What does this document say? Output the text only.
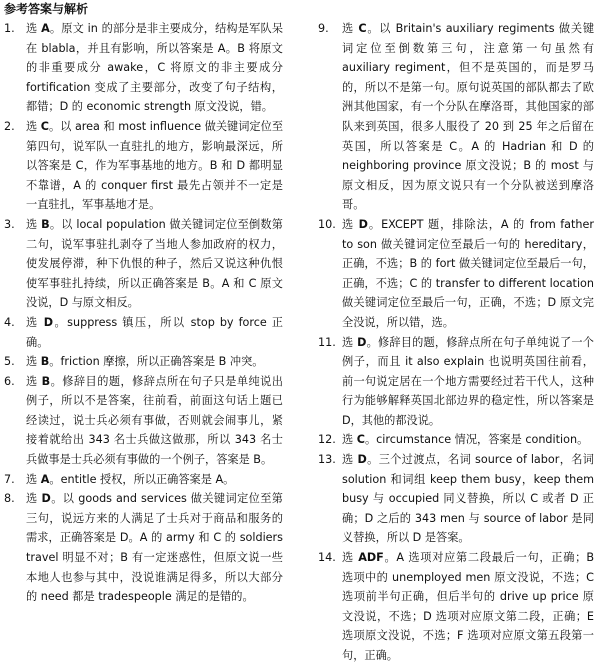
参考答案与解析
1. 选 A。原文 in 的部分是非主要成分，结构是军队呆在 blabla，并且有影响，所以答案是 A。B 将原文的非重要成分 awake，C 将原文的非主要成分 fortification 变成了主要部分，改变了句子结构，都错；D 的 economic strength 原文没说，错。
2. 选 C。以 area 和 most influence 做关键词定位至第四句，说军队一直驻扎的地方，影响最深远，所以答案是 C，作为军事基地的地方。B 和 D 都明显不靠谱，A 的 conquer first 最先占领并不一定是一直驻扎，军事基地才是。
3. 选 B。以 local population 做关键词定位至倒数第二句，说军事驻扎剥夺了当地人参加政府的权力，使发展停滞，种下仇恨的种子，然后又说这种仇恨使军事驻扎持续，所以正确答案是 B。A 和 C 原文没说，D 与原文相反。
4. 选 D。suppress 镇压，所以 stop by force 正确。
5. 选 B。friction 摩擦，所以正确答案是 B 冲突。
6. 选 B。修辞目的题，修辞点所在句子只是单纯说出例子，所以不是答案，往前看，前面这句话上题已经读过，说士兵必须有事做，否则就会闹事儿，紧接着就给出 343 名士兵做这做那，所以 343 名士兵做事是士兵必须有事做的一个例子，答案是 B。
7. 选 A。entitle 授权，所以正确答案是 A。
8. 选 D。以 goods and services 做关键词定位至第三句，说远方来的人满足了士兵对于商品和服务的需求，正确答案是 D。A 的 army 和 C 的 soldiers travel 明显不对；B 有一定迷惑性，但原文说一些本地人也参与其中，没说谁满足得多，所以大部分的 need 都是 tradespeople 满足的是错的。
9. 选 C。以 Britain's auxiliary regiments 做关键词定位至倒数第三句，注意第一句虽然有 auxiliary regiment，但不是英国的，而是罗马的，所以不是第一句。原句说英国的部队都去了欧洲其他国家，有一个分队在摩洛哥，其他国家的部队来到英国，很多人服役了 20 到 25 年之后留在英国，所以答案是 C。A 的 Hadrian 和 D 的 neighboring province 原文没说；B 的 most 与原文相反，因为原文说只有一个分队被送到摩洛哥。
10. 选 D。EXCEPT 题，排除法，A 的 from father to son 做关键词定位至最后一句的 hereditary，正确，不选；B 的 fort 做关键词定位至最后一句，正确，不选；C 的 transfer to different location 做关键词定位至最后一句，正确，不选；D 原文完全没说，所以错，选。
11. 选 D。修辞目的题，修辞点所在句子单纯说了一个例子，而且 it also explain 也说明英国往前看，前一句说定居在一个地方需要经过若干代人，这种行为能够解释英国北部边界的稳定性，所以答案是 D，其他的都没说。
12. 选 C。circumstance 情况，答案是 condition。
13. 选 D。三个过渡点，名词 source of labor，名词 solution 和词组 keep them busy，keep them busy 与 occupied 同义替换，所以 C 或者 D 正确；D 之后的 343 men 与 source of labor 是同义替换，所以 D 是答案。
14. 选 ADF。A 选项对应第二段最后一句，正确；B 选项中的 unemployed men 原文没说，不选；C 选项前半句正确，但后半句的 drive up price 原文没说，不选；D 选项对应原文第二段，正确；E 选项原文没说，不选；F 选项对应原文第五段第一句，正确。
